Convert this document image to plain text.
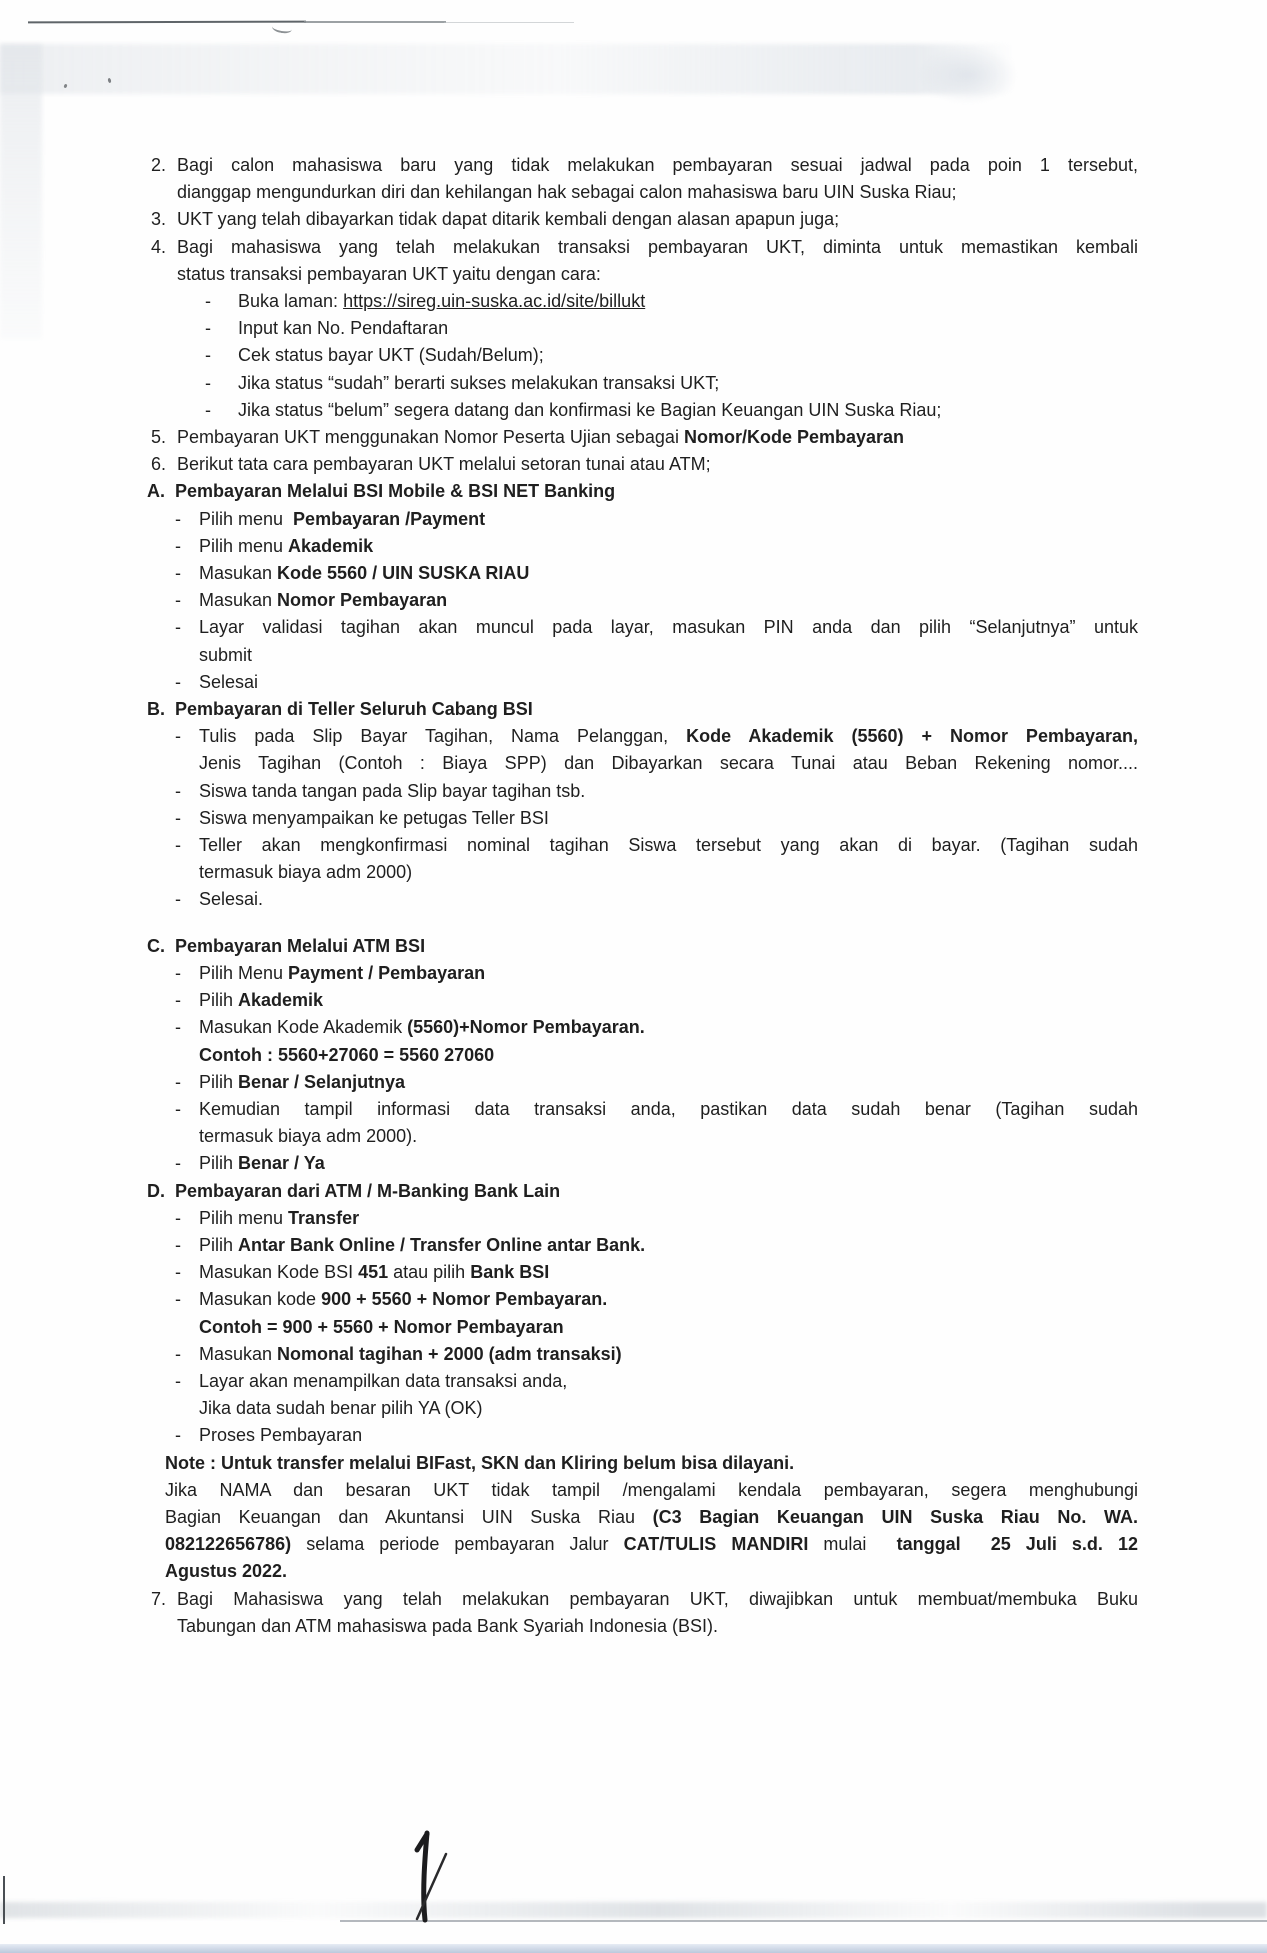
2. Bagi calon mahasiswa baru yang tidak melakukan pembayaran sesuai jadwal pada poin 1 tersebut,
dianggap mengundurkan diri dan kehilangan hak sebagai calon mahasiswa baru UIN Suska Riau;
3. UKT yang telah dibayarkan tidak dapat ditarik kembali dengan alasan apapun juga;
4. Bagi mahasiswa yang telah melakukan transaksi pembayaran UKT, diminta untuk memastikan kembali
status transaksi pembayaran UKT yaitu dengan cara:
- Buka laman: https://sireg.uin-suska.ac.id/site/billukt
- Input kan No. Pendaftaran
- Cek status bayar UKT (Sudah/Belum);
- Jika status “sudah” berarti sukses melakukan transaksi UKT;
- Jika status “belum” segera datang dan konfirmasi ke Bagian Keuangan UIN Suska Riau;
5. Pembayaran UKT menggunakan Nomor Peserta Ujian sebagai Nomor/Kode Pembayaran
6. Berikut tata cara pembayaran UKT melalui setoran tunai atau ATM;
A. Pembayaran Melalui BSI Mobile & BSI NET Banking
- Pilih menu  Pembayaran /Payment
- Pilih menu Akademik
- Masukan Kode 5560 / UIN SUSKA RIAU
- Masukan Nomor Pembayaran
- Layar validasi tagihan akan muncul pada layar, masukan PIN anda dan pilih “Selanjutnya” untuk
submit
- Selesai
B. Pembayaran di Teller Seluruh Cabang BSI
- Tulis pada Slip Bayar Tagihan, Nama Pelanggan, Kode Akademik (5560) + Nomor Pembayaran,
Jenis Tagihan (Contoh : Biaya SPP) dan Dibayarkan secara Tunai atau Beban Rekening nomor....
- Siswa tanda tangan pada Slip bayar tagihan tsb.
- Siswa menyampaikan ke petugas Teller BSI
- Teller akan mengkonfirmasi nominal tagihan Siswa tersebut yang akan di bayar. (Tagihan sudah
termasuk biaya adm 2000)
- Selesai.
C. Pembayaran Melalui ATM BSI
- Pilih Menu Payment / Pembayaran
- Pilih Akademik
- Masukan Kode Akademik (5560)+Nomor Pembayaran.
Contoh : 5560+27060 = 5560 27060
- Pilih Benar / Selanjutnya
- Kemudian tampil informasi data transaksi anda, pastikan data sudah benar (Tagihan sudah
termasuk biaya adm 2000).
- Pilih Benar / Ya
D. Pembayaran dari ATM / M-Banking Bank Lain
- Pilih menu Transfer
- Pilih Antar Bank Online / Transfer Online antar Bank.
- Masukan Kode BSI 451 atau pilih Bank BSI
- Masukan kode 900 + 5560 + Nomor Pembayaran.
Contoh = 900 + 5560 + Nomor Pembayaran
- Masukan Nomonal tagihan + 2000 (adm transaksi)
- Layar akan menampilkan data transaksi anda,
Jika data sudah benar pilih YA (OK)
- Proses Pembayaran
Note : Untuk transfer melalui BIFast, SKN dan Kliring belum bisa dilayani.
Jika NAMA dan besaran UKT tidak tampil /mengalami kendala pembayaran, segera menghubungi
Bagian Keuangan dan Akuntansi UIN Suska Riau (C3 Bagian Keuangan UIN Suska Riau No. WA.
082122656786) selama periode pembayaran Jalur CAT/TULIS MANDIRI mulai  tanggal  25 Juli s.d. 12
Agustus 2022.
7. Bagi Mahasiswa yang telah melakukan pembayaran UKT, diwajibkan untuk membuat/membuka Buku
Tabungan dan ATM mahasiswa pada Bank Syariah Indonesia (BSI).
